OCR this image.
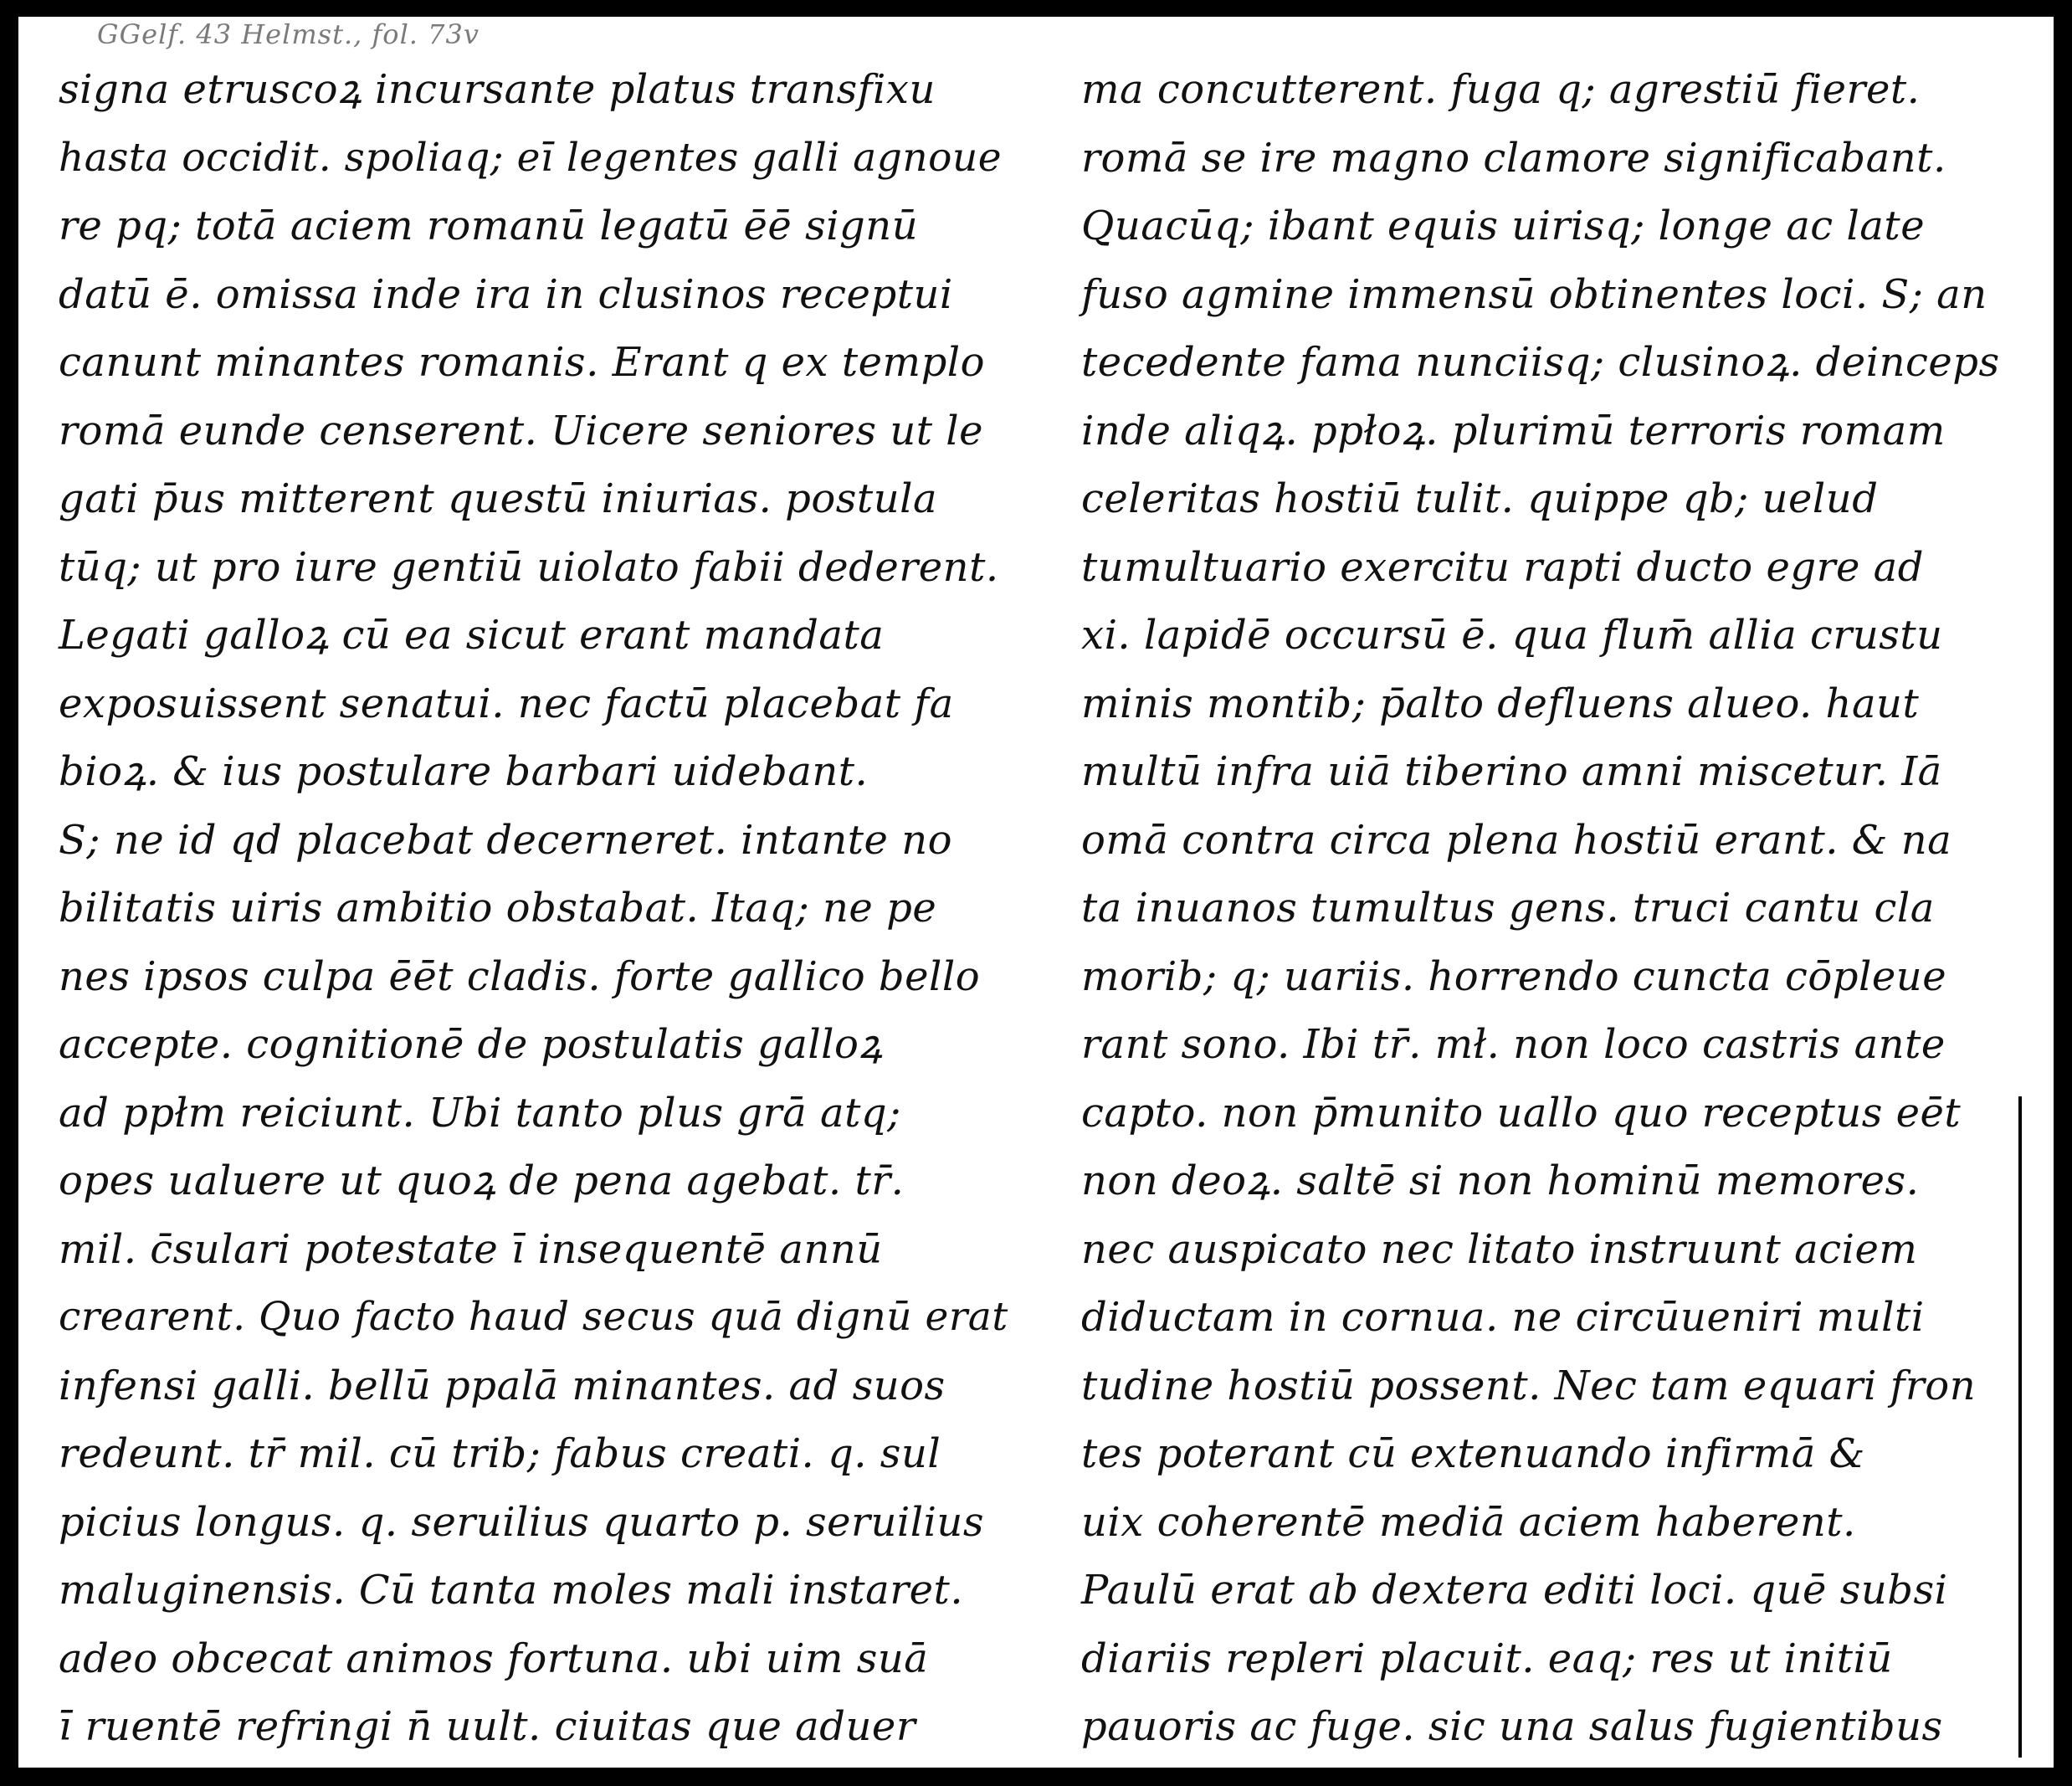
GGelf. 43 Helmst., fol. 73v
signa etruscoꝝ incursante platus transfixu
hasta occidit. spoliaq; eī legentes galli agnoue
re pq; totā aciem romanū legatū ēē signū
datū ē. omissa inde ira in clusinos receptui
canunt minantes romanis. Erant q ex templo
romā eunde censerent. Uicere seniores ut le
gati p̄us mitterent questū iniurias. postula
tūq; ut pro iure gentiū uiolato fabii dederent.
Legati galloꝝ cū ea sicut erant mandata
exposuissent senatui. nec factū placebat fa
bioꝝ. & ius postulare barbari uidebant.
S; ne id qd placebat decerneret. intante no
bilitatis uiris ambitio obstabat. Itaq; ne pe
nes ipsos culpa ēēt cladis. forte gallico bello
accepte. cognitionē de postulatis galloꝝ
ad ppłm reiciunt. Ubi tanto plus grā atq;
opes ualuere ut quoꝝ de pena agebat. tr̄.
mil. c̄sulari potestate ī insequentē annū
crearent. Quo facto haud secus quā dignū erat
infensi galli. bellū ppalā minantes. ad suos
redeunt. tr̄ mil. cū trib; fabus creati. q. sul
picius longus. q. seruilius quarto p. seruilius
maluginensis. Cū tanta moles mali instaret.
adeo obcecat animos fortuna. ubi uim suā
ī ruentē refringi n̄ uult. ciuitas que aduer
ma concutterent. fuga q; agrestiū fieret.
romā se ire magno clamore significabant.
Quacūq; ibant equis uirisq; longe ac late
fuso agmine immensū obtinentes loci. S; an
tecedente fama nunciisq; clusinoꝝ. deinceps
inde aliqꝝ. ppłoꝝ. plurimū terroris romam
celeritas hostiū tulit. quippe qb; uelud
tumultuario exercitu rapti ducto egre ad
xi. lapidē occursū ē. qua flum̄ allia crustu
minis montib; p̄alto defluens alueo. haut
multū infra uiā tiberino amni miscetur. Iā
omā contra circa plena hostiū erant. & na
ta inuanos tumultus gens. truci cantu cla
morib; q; uariis. horrendo cuncta cōpleue
rant sono. Ibi tr̄. mł. non loco castris ante
capto. non p̄munito uallo quo receptus eēt
non deoꝝ. saltē si non hominū memores.
nec auspicato nec litato instruunt aciem
diductam in cornua. ne circūueniri multi
tudine hostiū possent. Nec tam equari fron
tes poterant cū extenuando infirmā &
uix coherentē mediā aciem haberent.
Paulū erat ab dextera editi loci. quē subsi
diariis repleri placuit. eaq; res ut initiū
pauoris ac fuge. sic una salus fugientibus
